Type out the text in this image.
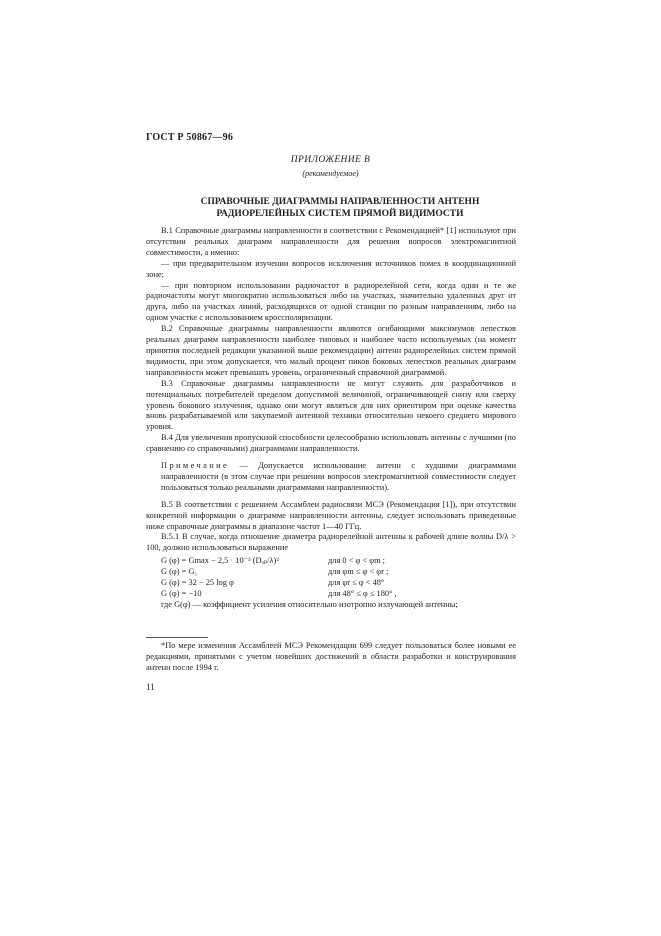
ГОСТ Р 50867—96
ПРИЛОЖЕНИЕ В
(рекомендуемое)
СПРАВОЧНЫЕ ДИАГРАММЫ НАПРАВЛЕННОСТИ АНТЕНН
РАДИОРЕЛЕЙНЫХ СИСТЕМ ПРЯМОЙ ВИДИМОСТИ

В.1 Справочные диаграммы направленности в соответствии с Рекомендацией* [1] используют при отсутствии реальных диаграмм направленности для решения вопросов электромагнитной совместимости, а именно:

— при предварительном изучении вопросов исключения источников помех в координационной зоне;

— при повторном использовании радиочастот в радиорелейной сети, когда одни и те же радиочастоты могут многократно использоваться либо на участках, значительно удаленных друг от друга, либо на участках линий, расходящихся от одной станции по разным направлениям, либо на одном участке с использованием кроссполяризации.

В.2 Справочные диаграммы направленности являются огибающими максимумов лепестков реальных диаграмм направленности наиболее типовых и наиболее часто используемых (на момент принятия последней редакции указанной выше рекомендации) антенн радиорелейных систем прямой видимости, при этом допускается, что малый процент пиков боковых лепестков реальных диаграмм направленности может превышать уровень, ограниченный справочной диаграммой.

В.3 Справочные диаграммы направленности не могут служить для разработчиков и потенциальных потребителей пределом допустимой величиной, ограничивающей снизу или сверху уровень бокового излучения, однако они могут являться для них ориентиром при оценке качества вновь разрабатываемой или закупаемой антенной техники относительно некоего среднего мирового уровня.

В.4 Для увеличения пропускной способности целесообразно использовать антенны с лучшими (по сравнению со справочными) диаграммами направленности.

Примечание — Допускается использование антенн с худшими диаграммами направленности (в этом случае при решении вопросов электромагнитной совместимости следует пользоваться только реальными диаграммами направленности).

В.5 В соответствии с решением Ассамблеи радиосвязи МСЭ (Рекомендация [1]), при отсутствии конкретной информации о диаграмме направленности антенны, следует использовать приведенные ниже справочные диаграммы в диапазоне частот 1—40 ГГц.

В.5.1 В случае, когда отношение диаметра радиорелейной антенны к рабочей длине волны D/λ > 100, должно использоваться выражение

G (φ) = Gmax − 2,5 · 10⁻³ (Dₐₚ/λ)²	для 0 < φ < φm ;
G (φ) = G₁	для φm ≤ φ < φr ;
G (φ) = 32 − 25 log φ	для φr ≤ φ < 48°
G (φ) = −10	для 48° ≤ φ ≤ 180° ,

где G(φ) — коэффициент усиления относительно изотропно излучающей антенны;

*По мере изменения Ассамблеей МСЭ Рекомендации 699 следует пользоваться более новыми ее редакциями, принятыми с учетом новейших достижений в области разработки и конструирования антенн после 1994 г.

11
